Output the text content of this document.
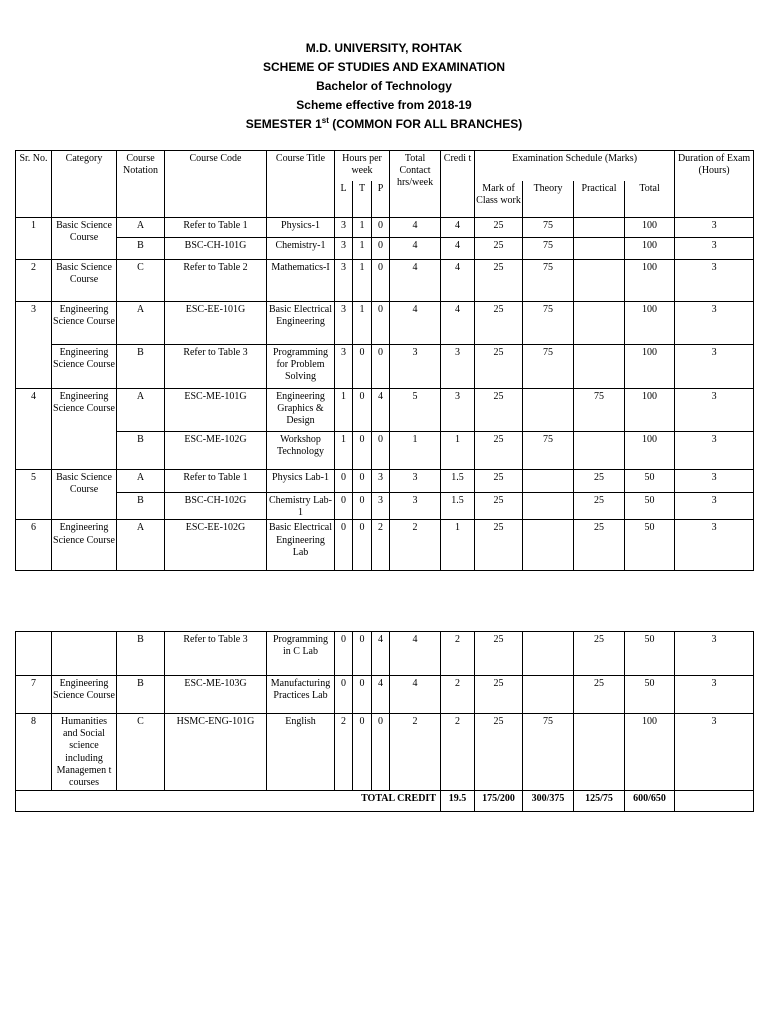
M.D. UNIVERSITY, ROHTAK
SCHEME OF STUDIES AND EXAMINATION
Bachelor of Technology
Scheme effective from 2018-19
SEMESTER 1st (COMMON FOR ALL BRANCHES)
Sr. No.	Category	Course Notation	Course Code	Course Title	Hours per week			Total Contact hrs/week	Credi t	Examination Schedule (Marks)				Duration of Exam (Hours)
					L	T	P			Mark of Class work	Theory	Practical	Total	
1	Basic Science Course	A	Refer to Table 1	Physics-1	3	1	0	4	4	25	75		100	3
		B	BSC-CH-101G	Chemistry-1	3	1	0	4	4	25	75		100	3
2	Basic Science Course	C	Refer to Table 2	Mathematics-I	3	1	0	4	4	25	75		100	3
3	Engineering Science Course	A	ESC-EE-101G	Basic Electrical Engineering	3	1	0	4	4	25	75		100	3
	Engineering Science Course	B	Refer to Table 3	Programming for Problem Solving	3	0	0	3	3	25	75		100	3
4	Engineering Science Course	A	ESC-ME-101G	Engineering Graphics & Design	1	0	4	5	3	25		75	100	3
		B	ESC-ME-102G	Workshop Technology	1	0	0	1	1	25	75		100	3
5	Basic Science Course	A	Refer to Table 1	Physics Lab-1	0	0	3	3	1.5	25		25	50	3
		B	BSC-CH-102G	Chemistry Lab-1	0	0	3	3	1.5	25		25	50	3
6	Engineering Science Course	A	ESC-EE-102G	Basic Electrical Engineering Lab	0	0	2	2	1	25		25	50	3
		B	Refer to Table 3	Programming in C Lab	0	0	4	4	2	25		25	50	3
7	Engineering Science Course	B	ESC-ME-103G	Manufacturing Practices Lab	0	0	4	4	2	25		25	50	3
8	Humanities and Social science including Managemen t courses	C	HSMC-ENG-101G	English	2	0	0	2	2	25	75		100	3
TOTAL CREDIT									19.5	175/200	300/375	125/75	600/650	
